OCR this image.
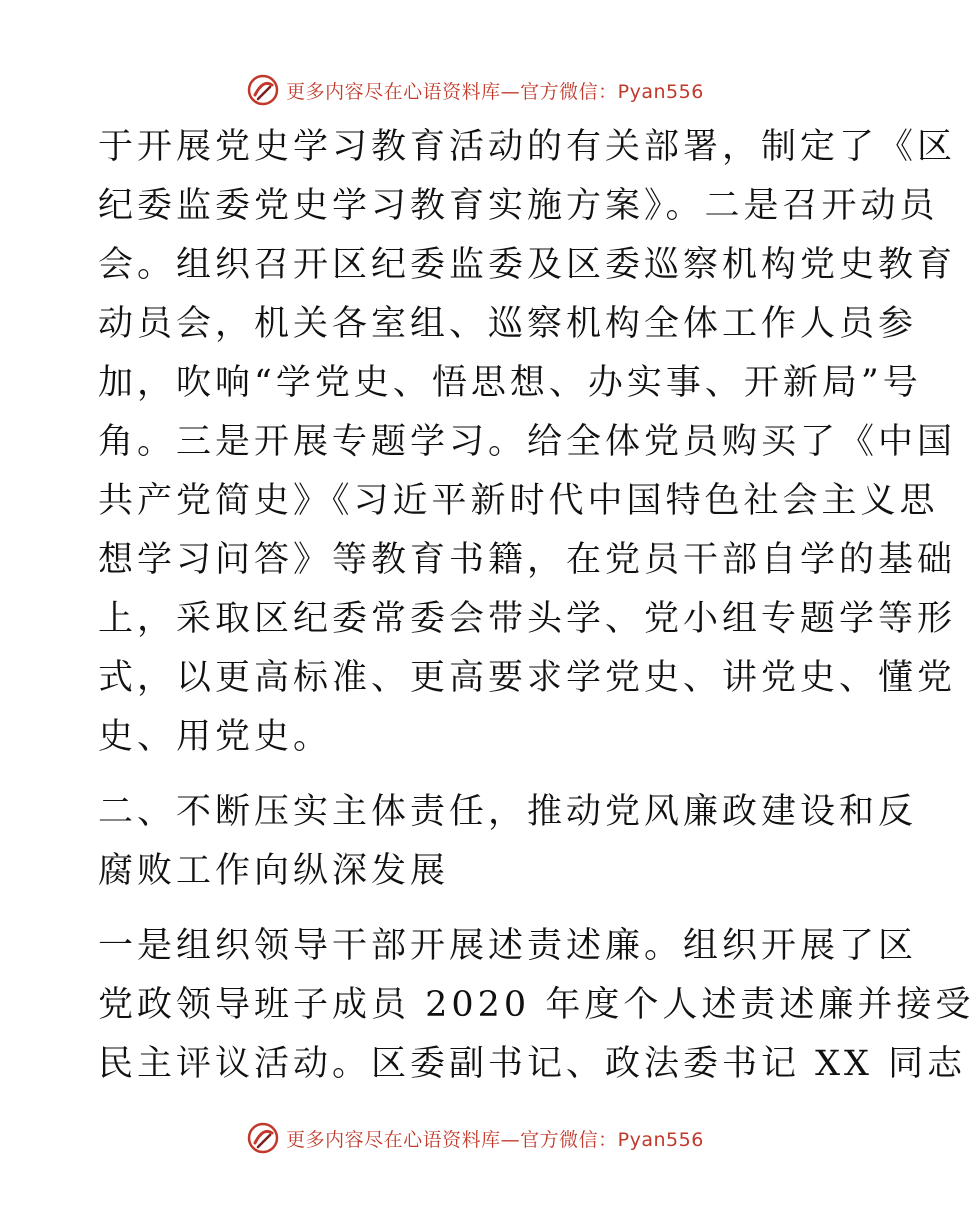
更多内容尽在心语资料库—官方微信：Pyan556
于开展党史学习教育活动的有关部署，制定了《区
纪委监委党史学习教育实施方案》。二是召开动员
会。组织召开区纪委监委及区委巡察机构党史教育
动员会，机关各室组、巡察机构全体工作人员参
加，吹响“学党史、悟思想、办实事、开新局”号
角。三是开展专题学习。给全体党员购买了《中国
共产党简史》《习近平新时代中国特色社会主义思
想学习问答》等教育书籍，在党员干部自学的基础
上，采取区纪委常委会带头学、党小组专题学等形
式，以更高标准、更高要求学党史、讲党史、懂党
史、用党史。
二、不断压实主体责任，推动党风廉政建设和反
腐败工作向纵深发展
一是组织领导干部开展述责述廉。组织开展了区
党政领导班子成员 2020 年度个人述责述廉并接受
民主评议活动。区委副书记、政法委书记 XX 同志
更多内容尽在心语资料库—官方微信：Pyan556
